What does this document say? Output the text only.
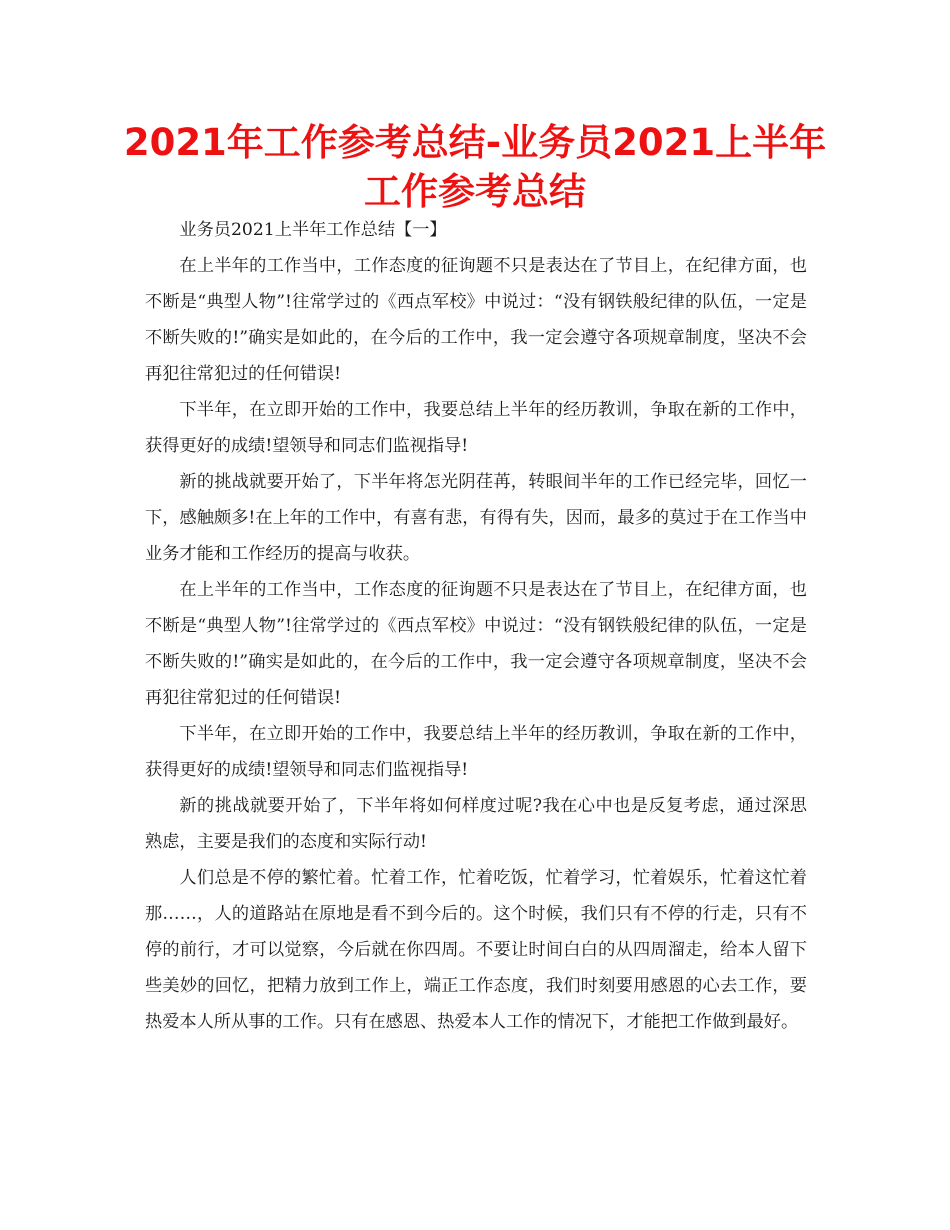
2021年工作参考总结-业务员2021上半年工作参考总结

业务员2021上半年工作总结【一】

在上半年的工作当中，工作态度的征询题不只是表达在了节目上，在纪律方面，也不断是“典型人物”!往常学过的《西点军校》中说过：“没有钢铁般纪律的队伍，一定是不断失败的!”确实是如此的，在今后的工作中，我一定会遵守各项规章制度，坚决不会再犯往常犯过的任何错误!

下半年，在立即开始的工作中，我要总结上半年的经历教训，争取在新的工作中，获得更好的成绩!望领导和同志们监视指导!

新的挑战就要开始了，下半年将怎光阴荏苒，转眼间半年的工作已经完毕，回忆一下，感触颇多!在上年的工作中，有喜有悲，有得有失，因而，最多的莫过于在工作当中业务才能和工作经历的提高与收获。

在上半年的工作当中，工作态度的征询题不只是表达在了节目上，在纪律方面，也不断是“典型人物”!往常学过的《西点军校》中说过：“没有钢铁般纪律的队伍，一定是不断失败的!”确实是如此的，在今后的工作中，我一定会遵守各项规章制度，坚决不会再犯往常犯过的任何错误!

下半年，在立即开始的工作中，我要总结上半年的经历教训，争取在新的工作中，获得更好的成绩!望领导和同志们监视指导!

新的挑战就要开始了，下半年将如何样度过呢?我在心中也是反复考虑，通过深思熟虑，主要是我们的态度和实际行动!

人们总是不停的繁忙着。忙着工作，忙着吃饭，忙着学习，忙着娱乐，忙着这忙着那……，人的道路站在原地是看不到今后的。这个时候，我们只有不停的行走，只有不停的前行，才可以觉察，今后就在你四周。不要让时间白白的从四周溜走，给本人留下些美妙的回忆，把精力放到工作上，端正工作态度，我们时刻要用感恩的心去工作，要热爱本人所从事的工作。只有在感恩、热爱本人工作的情况下，才能把工作做到最好。
